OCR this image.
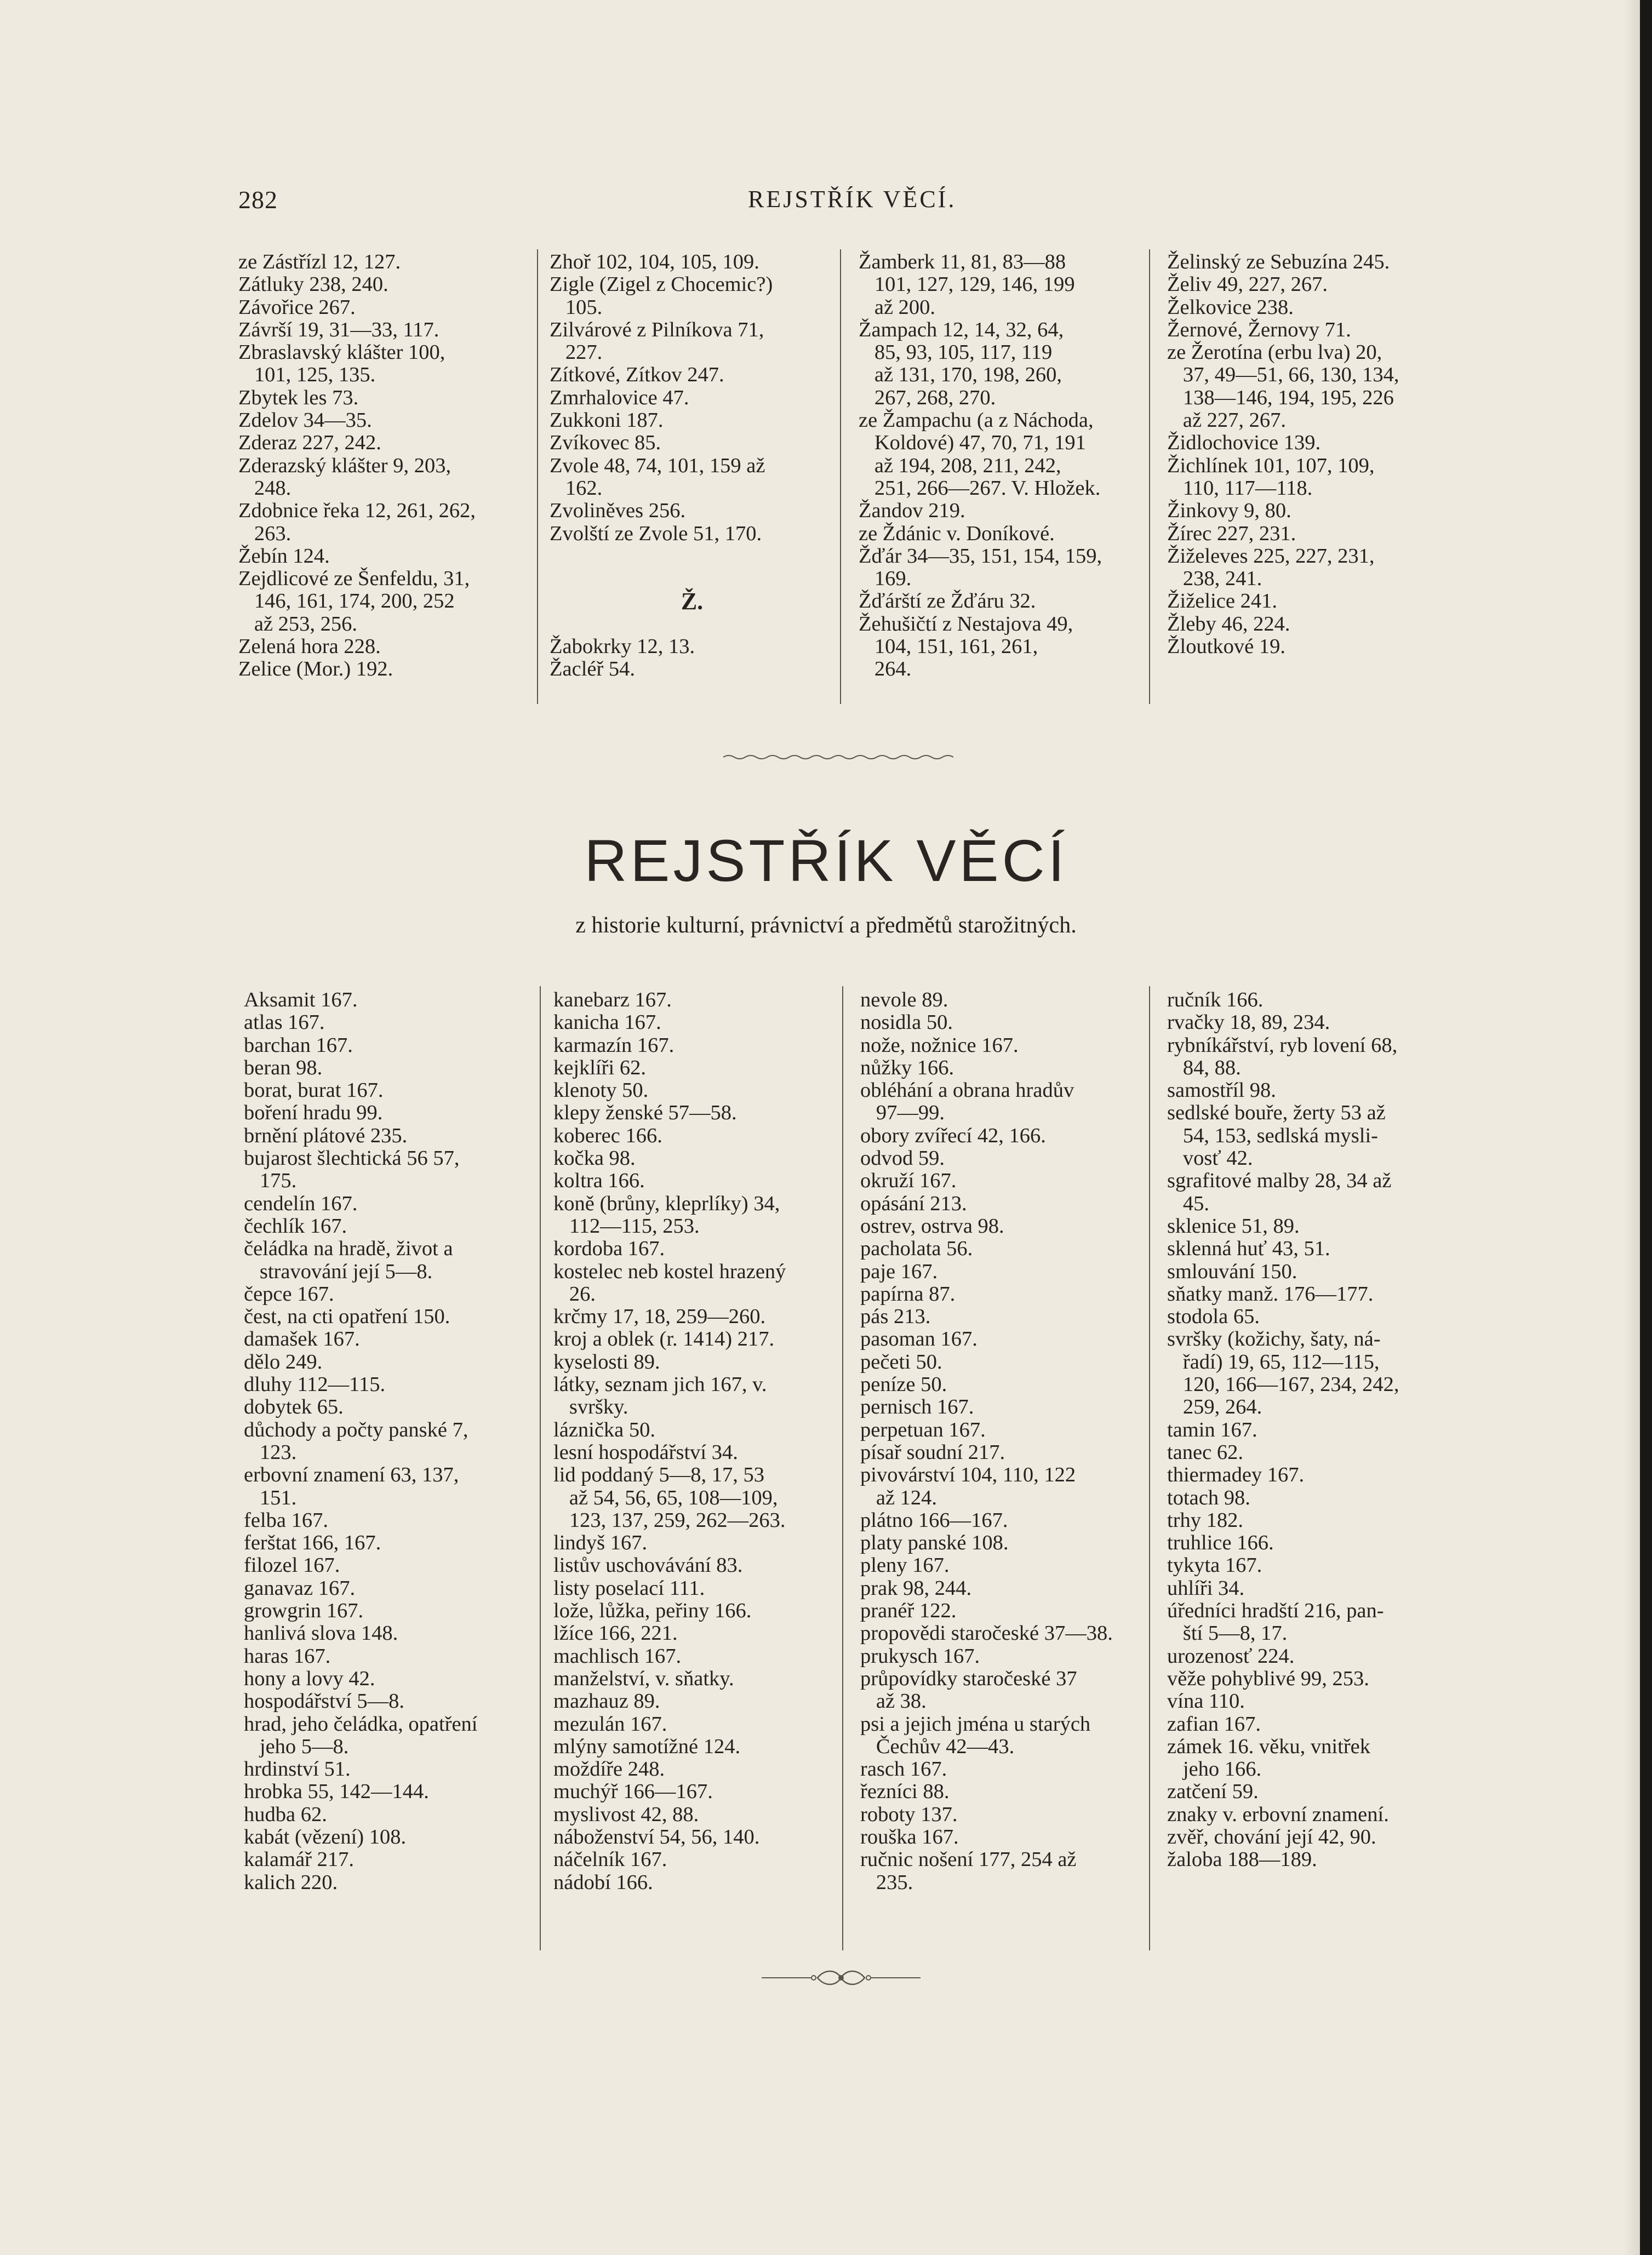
282	REJSTŘÍK VĚCÍ.
ze Zástřízl 12, 127.
Zátluky 238, 240.
Závořice 267.
Závrší 19, 31—33, 117.
Zbraslavský klášter 100,
101, 125, 135.
Zbytek les 73.
Zdelov 34—35.
Zderaz 227, 242.
Zderazský klášter 9, 203,
248.
Zdobnice řeka 12, 261, 262,
263.
Žebín 124.
Zejdlicové ze Šenfeldu, 31,
146, 161, 174, 200, 252
až 253, 256.
Zelená hora 228.
Zelice (Mor.) 192.
Zhoř 102, 104, 105, 109.
Zigle (Zigel z Chocemic?)
105.
Zilvárové z Pilníkova 71,
227.
Zítkové, Zítkov 247.
Zmrhalovice 47.
Zukkoni 187.
Zvíkovec 85.
Zvole 48, 74, 101, 159 až
162.
Zvoliněves 256.
Zvolští ze Zvole 51, 170.
Ž.
Žabokrky 12, 13.
Žacléř 54.
Žamberk 11, 81, 83—88
101, 127, 129, 146, 199
až 200.
Žampach 12, 14, 32, 64,
85, 93, 105, 117, 119
až 131, 170, 198, 260,
267, 268, 270.
ze Žampachu (a z Náchoda,
Koldové) 47, 70, 71, 191
až 194, 208, 211, 242,
251, 266—267. V. Hložek.
Žandov 219.
ze Ždánic v. Doníkové.
Žďár 34—35, 151, 154, 159,
169.
Žďárští ze Žďáru 32.
Žehušičtí z Nestajova 49,
104, 151, 161, 261,
264.
Želinský ze Sebuzína 245.
Želiv 49, 227, 267.
Želkovice 238.
Žernové, Žernovy 71.
ze Žerotína (erbu lva) 20,
37, 49—51, 66, 130, 134,
138—146, 194, 195, 226
až 227, 267.
Židlochovice 139.
Žichlínek 101, 107, 109,
110, 117—118.
Žinkovy 9, 80.
Žírec 227, 231.
Žiželeves 225, 227, 231,
238, 241.
Žiželice 241.
Žleby 46, 224.
Žloutkové 19.
REJSTŘÍK VĚCÍ
z historie kulturní, právnictví a předmětů starožitných.
Aksamit 167.
atlas 167.
barchan 167.
beran 98.
borat, burat 167.
boření hradu 99.
brnění plátové 235.
bujarost šlechtická 56 57,
175.
cendelín 167.
čechlík 167.
čeládka na hradě, život a
stravování její 5—8.
čepce 167.
čest, na cti opatření 150.
damašek 167.
dělo 249.
dluhy 112—115.
dobytek 65.
důchody a počty panské 7,
123.
erbovní znamení 63, 137,
151.
felba 167.
ferštat 166, 167.
filozel 167.
ganavaz 167.
growgrin 167.
hanlivá slova 148.
haras 167.
hony a lovy 42.
hospodářství 5—8.
hrad, jeho čeládka, opatření
jeho 5—8.
hrdinství 51.
hrobka 55, 142—144.
hudba 62.
kabát (vězení) 108.
kalamář 217.
kalich 220.
kanebarz 167.
kanicha 167.
karmazín 167.
kejklíři 62.
klenoty 50.
klepy ženské 57—58.
koberec 166.
kočka 98.
koltra 166.
koně (brůny, kleprlíky) 34,
112—115, 253.
kordoba 167.
kostelec neb kostel hrazený
26.
krčmy 17, 18, 259—260.
kroj a oblek (r. 1414) 217.
kyselosti 89.
látky, seznam jich 167, v.
svršky.
láznička 50.
lesní hospodářství 34.
lid poddaný 5—8, 17, 53
až 54, 56, 65, 108—109,
123, 137, 259, 262—263.
lindyš 167.
listův uschovávání 83.
listy poselací 111.
lože, lůžka, peřiny 166.
lžíce 166, 221.
machlisch 167.
manželství, v. sňatky.
mazhauz 89.
mezulán 167.
mlýny samotížné 124.
moždíře 248.
muchýř 166—167.
myslivost 42, 88.
náboženství 54, 56, 140.
náčelník 167.
nádobí 166.
nevole 89.
nosidla 50.
nože, nožnice 167.
nůžky 166.
obléhání a obrana hradův
97—99.
obory zvířecí 42, 166.
odvod 59.
okruží 167.
opásání 213.
ostrev, ostrva 98.
pacholata 56.
paje 167.
papírna 87.
pás 213.
pasoman 167.
pečeti 50.
peníze 50.
pernisch 167.
perpetuan 167.
písař soudní 217.
pivovárství 104, 110, 122
až 124.
plátno 166—167.
platy panské 108.
pleny 167.
prak 98, 244.
pranéř 122.
propovědi staročeské 37—38.
prukysch 167.
průpovídky staročeské 37
až 38.
psi a jejich jména u starých
Čechův 42—43.
rasch 167.
řezníci 88.
roboty 137.
rouška 167.
ručnic nošení 177, 254 až
235.
ručník 166.
rvačky 18, 89, 234.
rybníkářství, ryb lovení 68,
84, 88.
samostříl 98.
sedlské bouře, žerty 53 až
54, 153, sedlská mysli-
vosť 42.
sgrafitové malby 28, 34 až
45.
sklenice 51, 89.
sklenná huť 43, 51.
smlouvání 150.
sňatky manž. 176—177.
stodola 65.
svršky (kožichy, šaty, ná-
řadí) 19, 65, 112—115,
120, 166—167, 234, 242,
259, 264.
tamin 167.
tanec 62.
thiermadey 167.
totach 98.
trhy 182.
truhlice 166.
tykyta 167.
uhlíři 34.
úředníci hradští 216, pan-
ští 5—8, 17.
urozenosť 224.
věže pohyblivé 99, 253.
vína 110.
zafian 167.
zámek 16. věku, vnitřek
jeho 166.
zatčení 59.
znaky v. erbovní znamení.
zvěř, chování její 42, 90.
žaloba 188—189.
